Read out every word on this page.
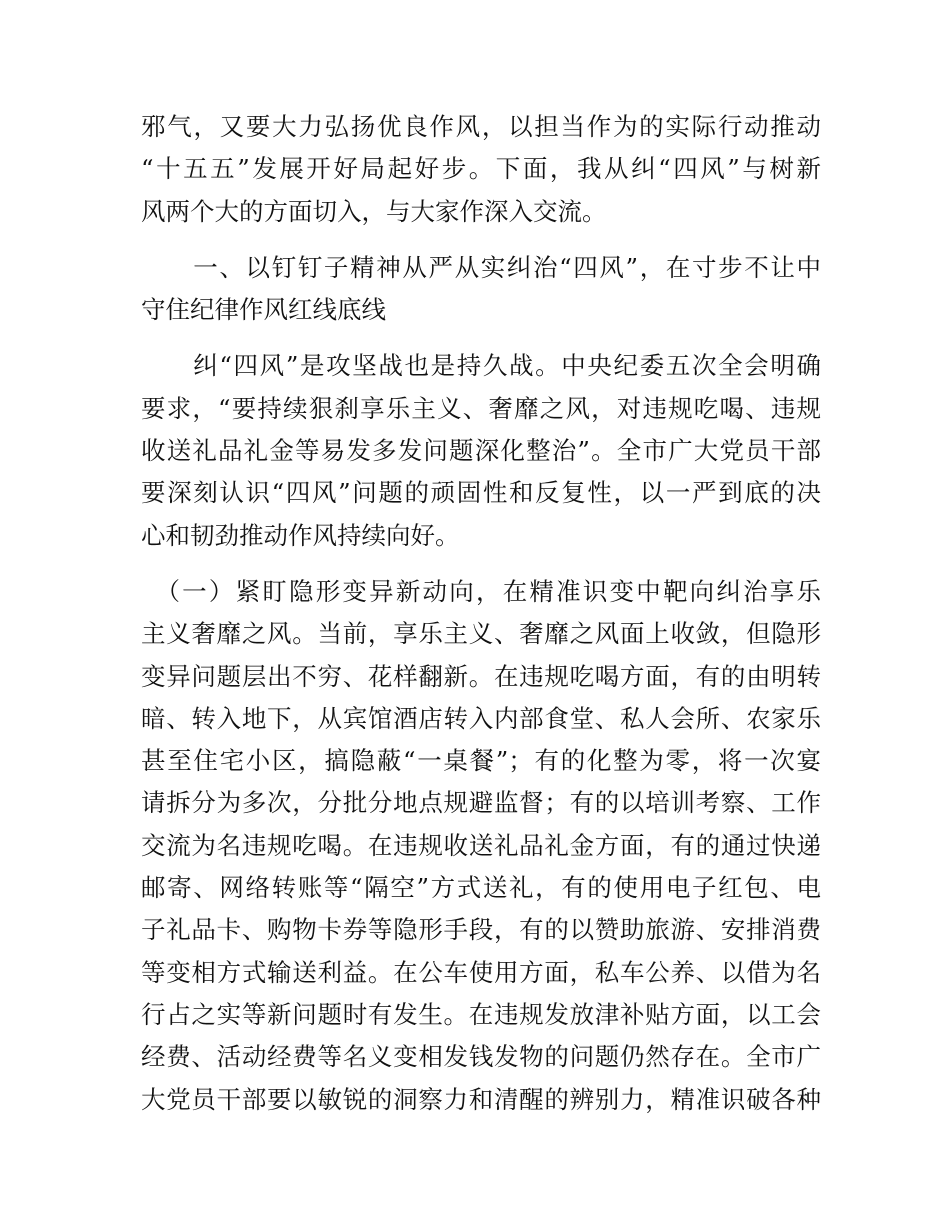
邪气，又要大力弘扬优良作风，以担当作为的实际行动推动
“十五五”发展开好局起好步。下面，我从纠“四风”与树新
风两个大的方面切入，与大家作深入交流。
　　一、以钉钉子精神从严从实纠治“四风”，在寸步不让中
守住纪律作风红线底线
　　纠“四风”是攻坚战也是持久战。中央纪委五次全会明确
要求，“要持续狠刹享乐主义、奢靡之风，对违规吃喝、违规
收送礼品礼金等易发多发问题深化整治”。全市广大党员干部
要深刻认识“四风”问题的顽固性和反复性，以一严到底的决
心和韧劲推动作风持续向好。
　（一）紧盯隐形变异新动向，在精准识变中靶向纠治享乐
主义奢靡之风。当前，享乐主义、奢靡之风面上收敛，但隐形
变异问题层出不穷、花样翻新。在违规吃喝方面，有的由明转
暗、转入地下，从宾馆酒店转入内部食堂、私人会所、农家乐
甚至住宅小区，搞隐蔽“一桌餐”；有的化整为零，将一次宴
请拆分为多次，分批分地点规避监督；有的以培训考察、工作
交流为名违规吃喝。在违规收送礼品礼金方面，有的通过快递
邮寄、网络转账等“隔空”方式送礼，有的使用电子红包、电
子礼品卡、购物卡券等隐形手段，有的以赞助旅游、安排消费
等变相方式输送利益。在公车使用方面，私车公养、以借为名
行占之实等新问题时有发生。在违规发放津补贴方面，以工会
经费、活动经费等名义变相发钱发物的问题仍然存在。全市广
大党员干部要以敏锐的洞察力和清醒的辨别力，精准识破各种
